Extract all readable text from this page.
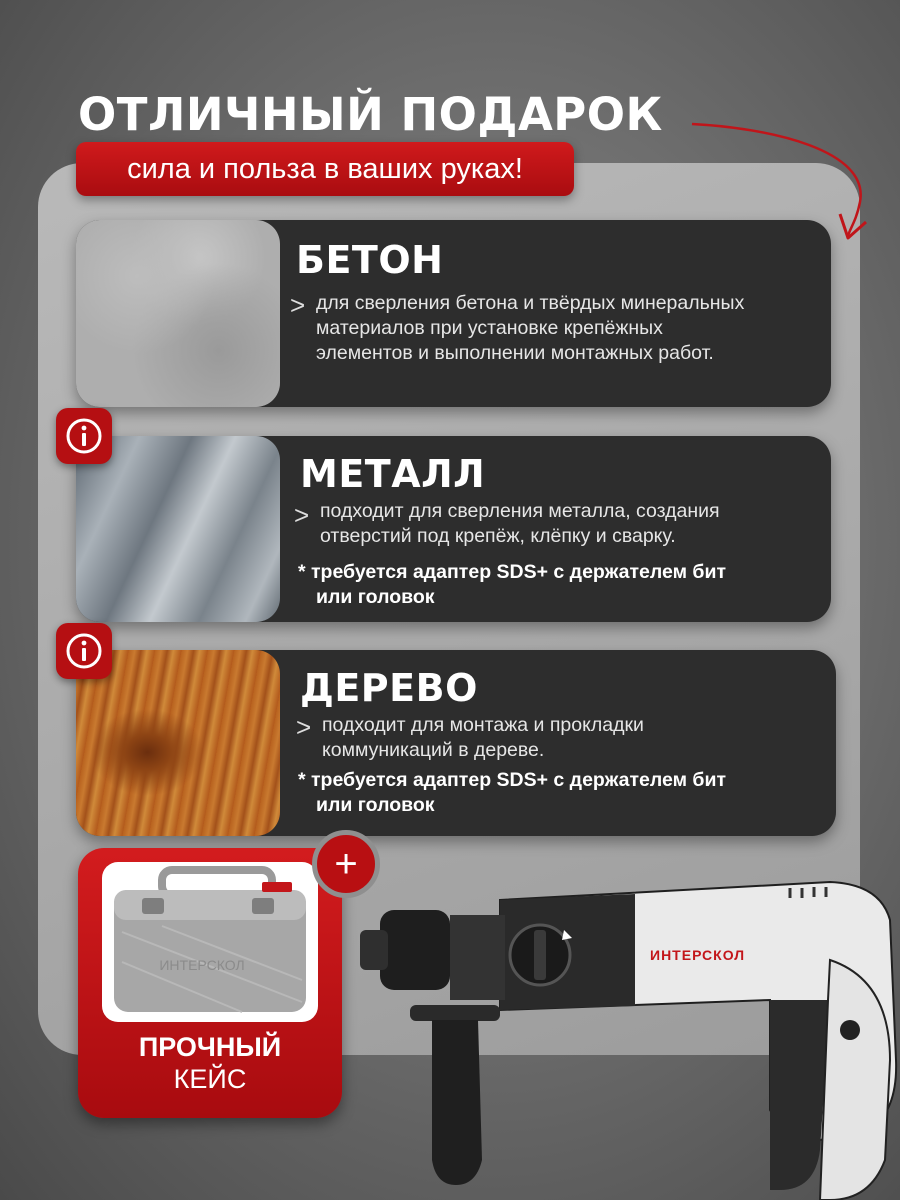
ОТЛИЧНЫЙ ПОДАРОК
сила и польза в ваших руках!
БЕТОН
> для сверления бетона и твёрдых минеральных
материалов при установке крепёжных
элементов и выполнении монтажных работ.
МЕТАЛЛ
> подходит для сверления металла, создания
отверстий под крепёж, клёпку и сварку.
* требуется адаптер SDS+ с держателем бит
или головок
ДЕРЕВО
> подходит для монтажа и прокладки
коммуникаций в дереве.
* требуется адаптер SDS+ с держателем бит
или головок
ИНТЕРСКОЛ
ПРОЧНЫЙ
КЕЙС
+
ИНТЕРСКОЛ
